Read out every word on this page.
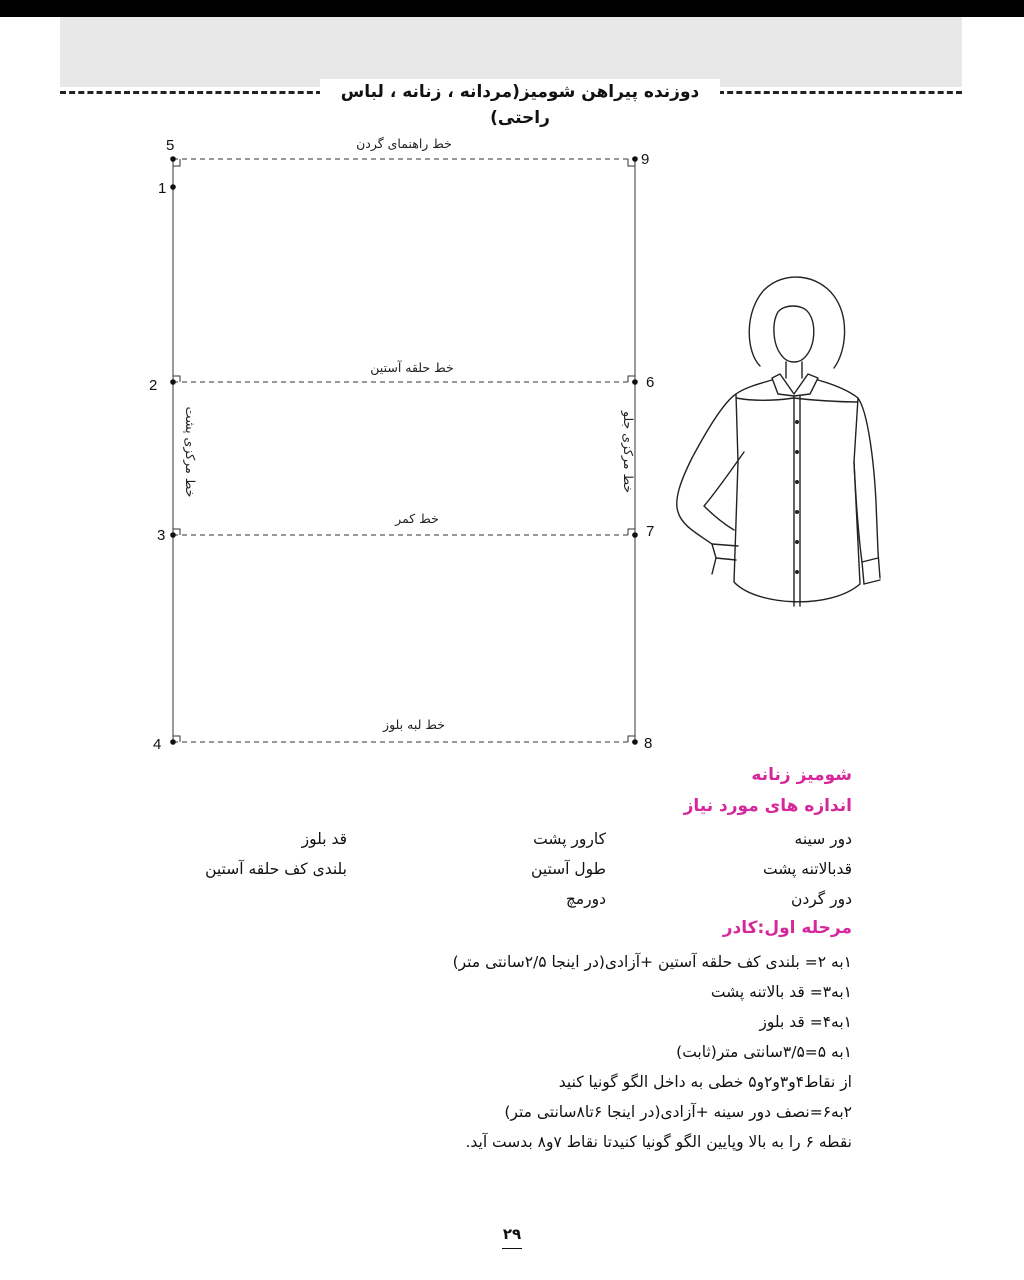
دوزنده پیراهن شومیز(مردانه ، زنانه ، لباس راحتی)
5
1
2
3
4
9
6
7
8
خط راهنمای گردن
خط حلقه آستین
خط کمر
خط لبه بلوز
خط مرکزی پشت	خط مرکزی جلو
شومیز زنانه
اندازه های مورد نیاز
دور سینه
قدبالاتنه پشت
دور گردن
کارور پشت
طول آستین
دورمچ
قد بلوز
بلندی کف حلقه آستین
مرحله اول:کادر
۱به ۲= بلندی کف حلقه آستین +آزادی(در اینجا ۲/۵سانتی متر)
۱به۳= قد بالاتنه پشت
۱به۴= قد بلوز
۱به ۵=۳/۵سانتی متر(ثابت)
از نقاط۴و۳و۲و۵ خطی به داخل الگو گونیا کنید
۲به۶=نصف دور سینه +آزادی(در اینجا ۶تا۸سانتی متر)
نقطه ۶ را به بالا وپایین الگو گونیا کنیدتا نقاط ۷و۸ بدست آید.
۲۹
